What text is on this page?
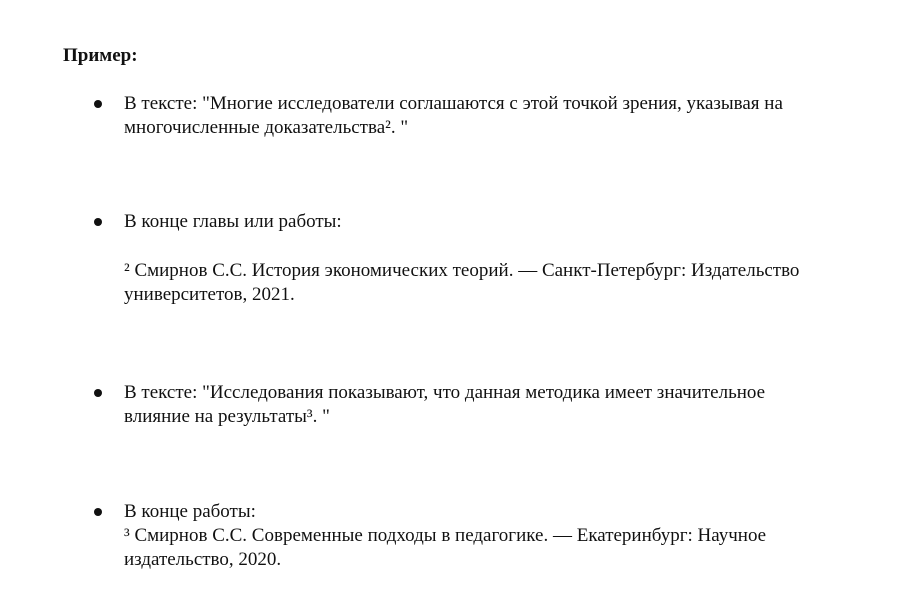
Пример:
В тексте: "Многие исследователи соглашаются с этой точкой зрения, указывая на
многочисленные доказательства². "
В конце главы или работы:
² Смирнов С.С. История экономических теорий. — Санкт-Петербург: Издательство
университетов, 2021.
В тексте: "Исследования показывают, что данная методика имеет значительное
влияние на результаты³. "
В конце работы:
³ Смирнов С.С. Современные подходы в педагогике. — Екатеринбург: Научное
издательство, 2020.
